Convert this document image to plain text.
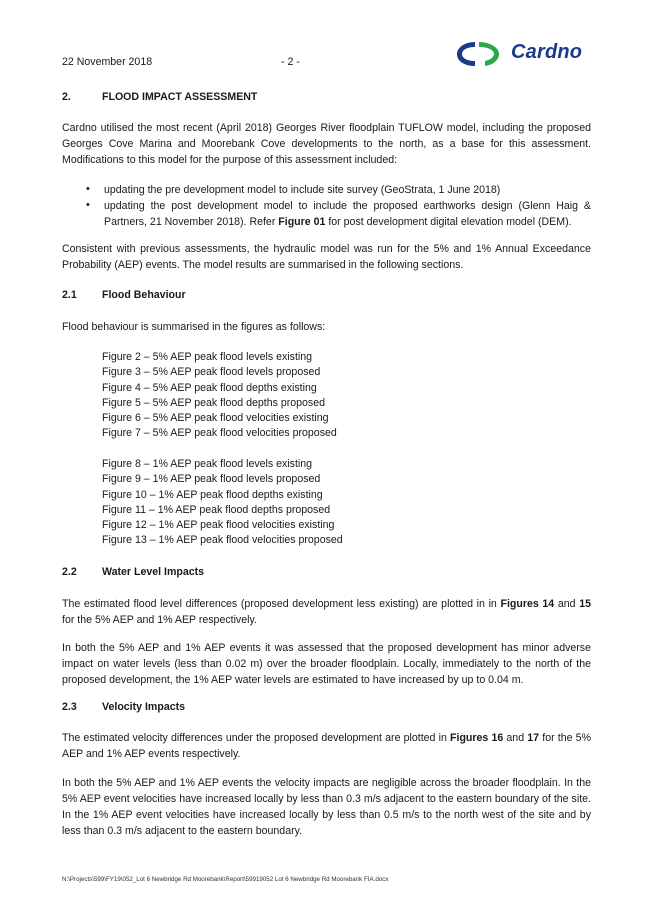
22 November 2018	- 2 -	Cardno
2.	FLOOD IMPACT ASSESSMENT
Cardno utilised the most recent (April 2018) Georges River floodplain TUFLOW model, including the proposed Georges Cove Marina and Moorebank Cove developments to the north, as a base for this assessment. Modifications to this model for the purpose of this assessment included:
• updating the pre development model to include site survey (GeoStrata, 1 June 2018)
• updating the post development model to include the proposed earthworks design (Glenn Haig & Partners, 21 November 2018). Refer Figure 01 for post development digital elevation model (DEM).
Consistent with previous assessments, the hydraulic model was run for the 5% and 1% Annual Exceedance Probability (AEP) events. The model results are summarised in the following sections.
2.1 Flood Behaviour
Flood behaviour is summarised in the figures as follows:
Figure 2 – 5% AEP peak flood levels existing
Figure 3 – 5% AEP peak flood levels proposed
Figure 4 – 5% AEP peak flood depths existing
Figure 5 – 5% AEP peak flood depths proposed
Figure 6 – 5% AEP peak flood velocities existing
Figure 7 – 5% AEP peak flood velocities proposed
Figure 8 – 1% AEP peak flood levels existing
Figure 9 – 1% AEP peak flood levels proposed
Figure 10 – 1% AEP peak flood depths existing
Figure 11 – 1% AEP peak flood depths proposed
Figure 12 – 1% AEP peak flood velocities existing
Figure 13 – 1% AEP peak flood velocities proposed
2.2 Water Level Impacts
The estimated flood level differences (proposed development less existing) are plotted in in Figures 14 and 15 for the 5% AEP and 1% AEP respectively.
In both the 5% AEP and 1% AEP events it was assessed that the proposed development has minor adverse impact on water levels (less than 0.02 m) over the broader floodplain. Locally, immediately to the north of the proposed development, the 1% AEP water levels are estimated to have increased by up to 0.04 m.
2.3 Velocity Impacts
The estimated velocity differences under the proposed development are plotted in Figures 16 and 17 for the 5% AEP and 1% AEP events respectively.
In both the 5% AEP and 1% AEP events the velocity impacts are negligible across the broader floodplain. In the 5% AEP event velocities have increased locally by less than 0.3 m/s adjacent to the eastern boundary of the site. In the 1% AEP event velocities have increased locally by less than 0.5 m/s to the north west of the site and by less than 0.3 m/s adjacent to the eastern boundary.
N:\Projects\599\FY19\052_Lot 6 Newbridge Rd Moorebank\Report\59919052 Lot 6 Newbridge Rd Moorebank FIA.docx
